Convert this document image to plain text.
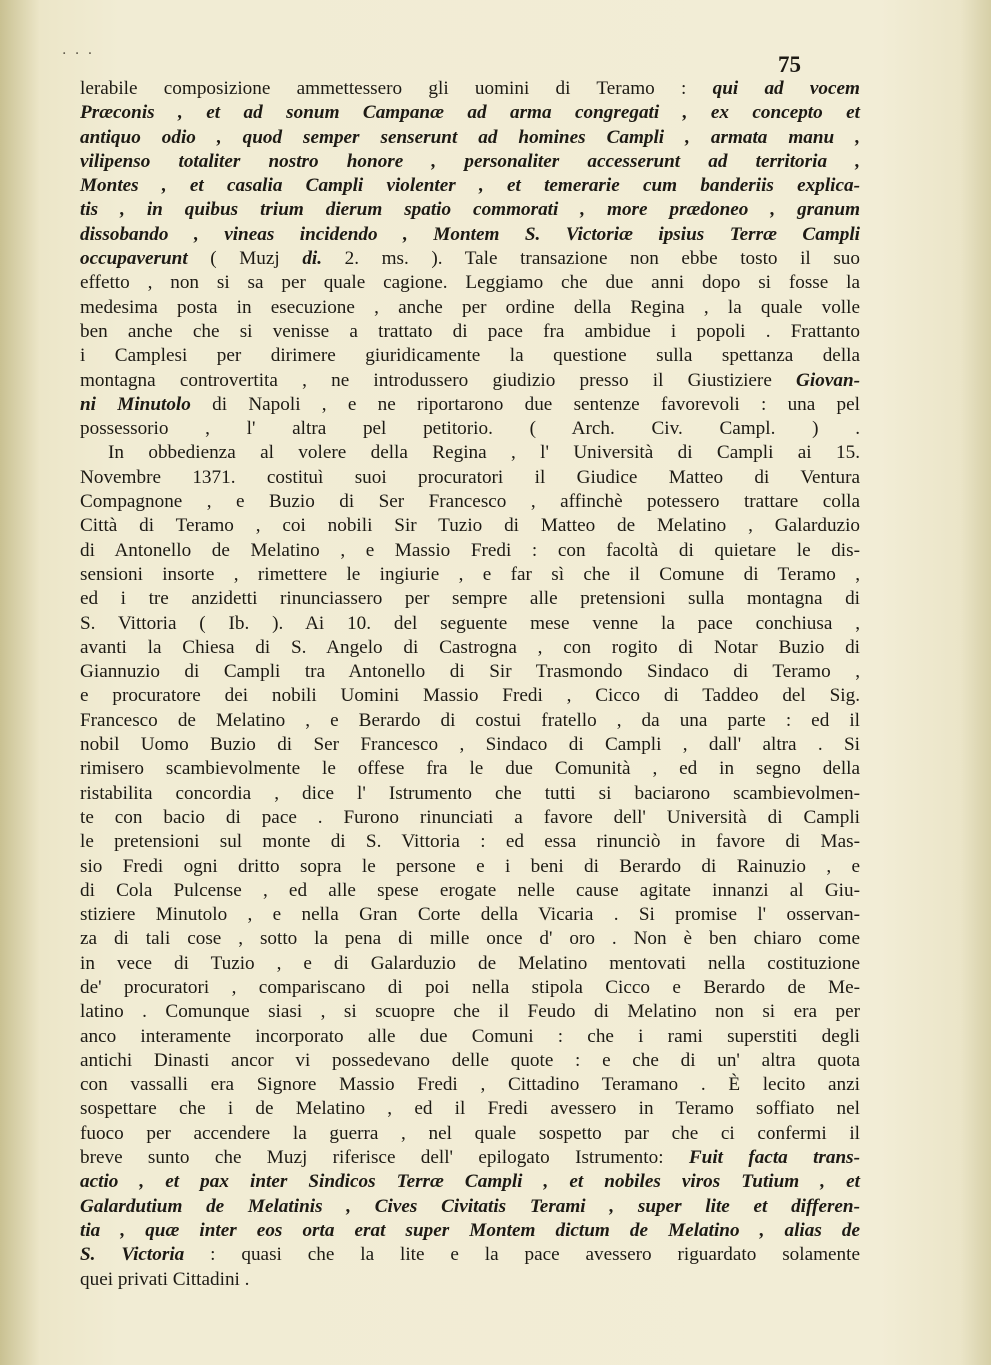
· · ·	75
lerabile composizione ammettessero gli uomini di Teramo : qui ad vocem
Præconis , et ad sonum Campanæ ad arma congregati , ex concepto et
antiquo odio , quod semper senserunt ad homines Campli , armata manu ,
vilipenso totaliter nostro honore , personaliter accesserunt ad territoria ,
Montes , et casalia Campli violenter , et temerarie cum banderiis explica-
tis , in quibus trium dierum spatio commorati , more prædoneo , granum
dissobando , vineas incidendo , Montem S. Victoriæ ipsius Terræ Campli
occupaverunt ( Muzj di. 2. ms. ). Tale transazione non ebbe tosto il suo
effetto , non si sa per quale cagione. Leggiamo che due anni dopo si fosse la
medesima posta in esecuzione , anche per ordine della Regina , la quale volle
ben anche che si venisse a trattato di pace fra ambidue i popoli . Frattanto
i Camplesi per dirimere giuridicamente la questione sulla spettanza della
montagna controvertita , ne introdussero giudizio presso il Giustiziere Giovan-
ni Minutolo di Napoli , e ne riportarono due sentenze favorevoli : una pel
possessorio , l' altra pel petitorio. ( Arch. Civ. Campl. ) .
In obbedienza al volere della Regina , l' Università di Campli ai 15.
Novembre 1371. costituì suoi procuratori il Giudice Matteo di Ventura
Compagnone , e Buzio di Ser Francesco , affinchè potessero trattare colla
Città di Teramo , coi nobili Sir Tuzio di Matteo de Melatino , Galarduzio
di Antonello de Melatino , e Massio Fredi : con facoltà di quietare le dis-
sensioni insorte , rimettere le ingiurie , e far sì che il Comune di Teramo ,
ed i tre anzidetti rinunciassero per sempre alle pretensioni sulla montagna di
S. Vittoria ( Ib. ). Ai 10. del seguente mese venne la pace conchiusa ,
avanti la Chiesa di S. Angelo di Castrogna , con rogito di Notar Buzio di
Giannuzio di Campli tra Antonello di Sir Trasmondo Sindaco di Teramo ,
e procuratore dei nobili Uomini Massio Fredi , Cicco di Taddeo del Sig.
Francesco de Melatino , e Berardo di costui fratello , da una parte : ed il
nobil Uomo Buzio di Ser Francesco , Sindaco di Campli , dall' altra . Si
rimisero scambievolmente le offese fra le due Comunità , ed in segno della
ristabilita concordia , dice l' Istrumento che tutti si baciarono scambievolmen-
te con bacio di pace . Furono rinunciati a favore dell' Università di Campli
le pretensioni sul monte di S. Vittoria : ed essa rinunciò in favore di Mas-
sio Fredi ogni dritto sopra le persone e i beni di Berardo di Rainuzio , e
di Cola Pulcense , ed alle spese erogate nelle cause agitate innanzi al Giu-
stiziere Minutolo , e nella Gran Corte della Vicaria . Si promise l' osservan-
za di tali cose , sotto la pena di mille once d' oro . Non è ben chiaro come
in vece di Tuzio , e di Galarduzio de Melatino mentovati nella costituzione
de' procuratori , compariscano di poi nella stipola Cicco e Berardo de Me-
latino . Comunque siasi , si scuopre che il Feudo di Melatino non si era per
anco interamente incorporato alle due Comuni : che i rami superstiti degli
antichi Dinasti ancor vi possedevano delle quote : e che di un' altra quota
con vassalli era Signore Massio Fredi , Cittadino Teramano . È lecito anzi
sospettare che i de Melatino , ed il Fredi avessero in Teramo soffiato nel
fuoco per accendere la guerra , nel quale sospetto par che ci confermi il
breve sunto che Muzj riferisce dell' epilogato Istrumento: Fuit facta trans-
actio , et pax inter Sindicos Terræ Campli , et nobiles viros Tutium , et
Galardutium de Melatinis , Cives Civitatis Terami , super lite et differen-
tia , quæ inter eos orta erat super Montem dictum de Melatino , alias de
S. Victoria : quasi che la lite e la pace avessero riguardato solamente
quei privati Cittadini .
